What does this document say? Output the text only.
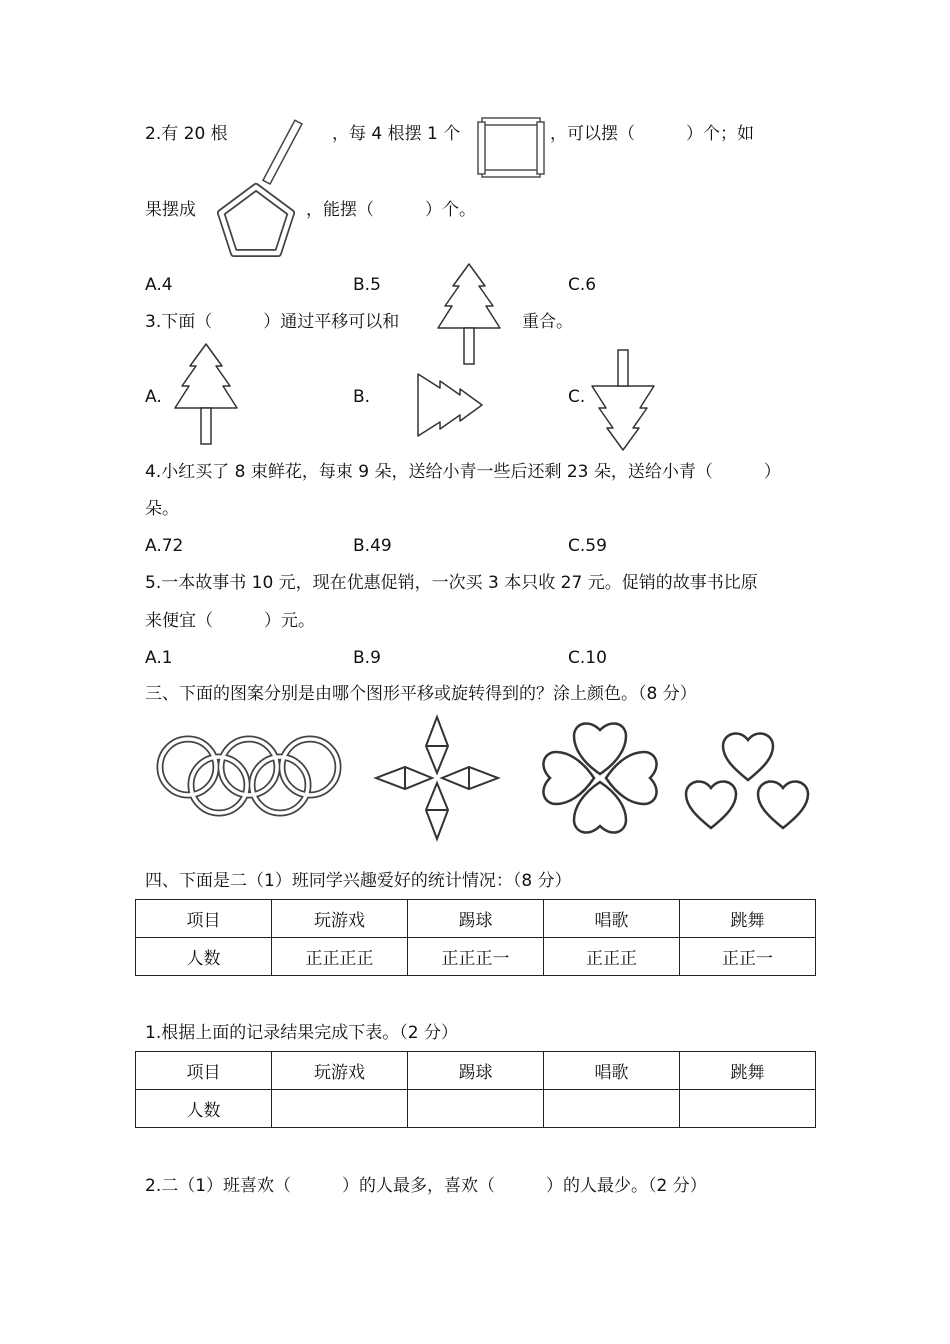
2.有 20 根	，每 4 根摆 1 个	，可以摆（　　　）个；如
果摆成	，能摆（　　　）个。
A.4	B.5	C.6
3.下面（　　　）通过平移可以和	重合。
A.	B.	C.
4.小红买了 8 束鲜花，每束 9 朵，送给小青一些后还剩 23 朵，送给小青（　　　）
朵。
A.72	B.49	C.59
5.一本故事书 10 元，现在优惠促销，一次买 3 本只收 27 元。促销的故事书比原
来便宜（　　　）元。
A.1	B.9	C.10
三、下面的图案分别是由哪个图形平移或旋转得到的？涂上颜色。（8 分）
四、下面是二（1）班同学兴趣爱好的统计情况：（8 分）
项目	玩游戏	踢球	唱歌	跳舞
人数	正正正正	正正正一	正正正	正正一
1.根据上面的记录结果完成下表。（2 分）
项目	玩游戏	踢球	唱歌	跳舞
人数				
2.二（1）班喜欢（　　　）的人最多，喜欢（　　　）的人最少。（2 分）
